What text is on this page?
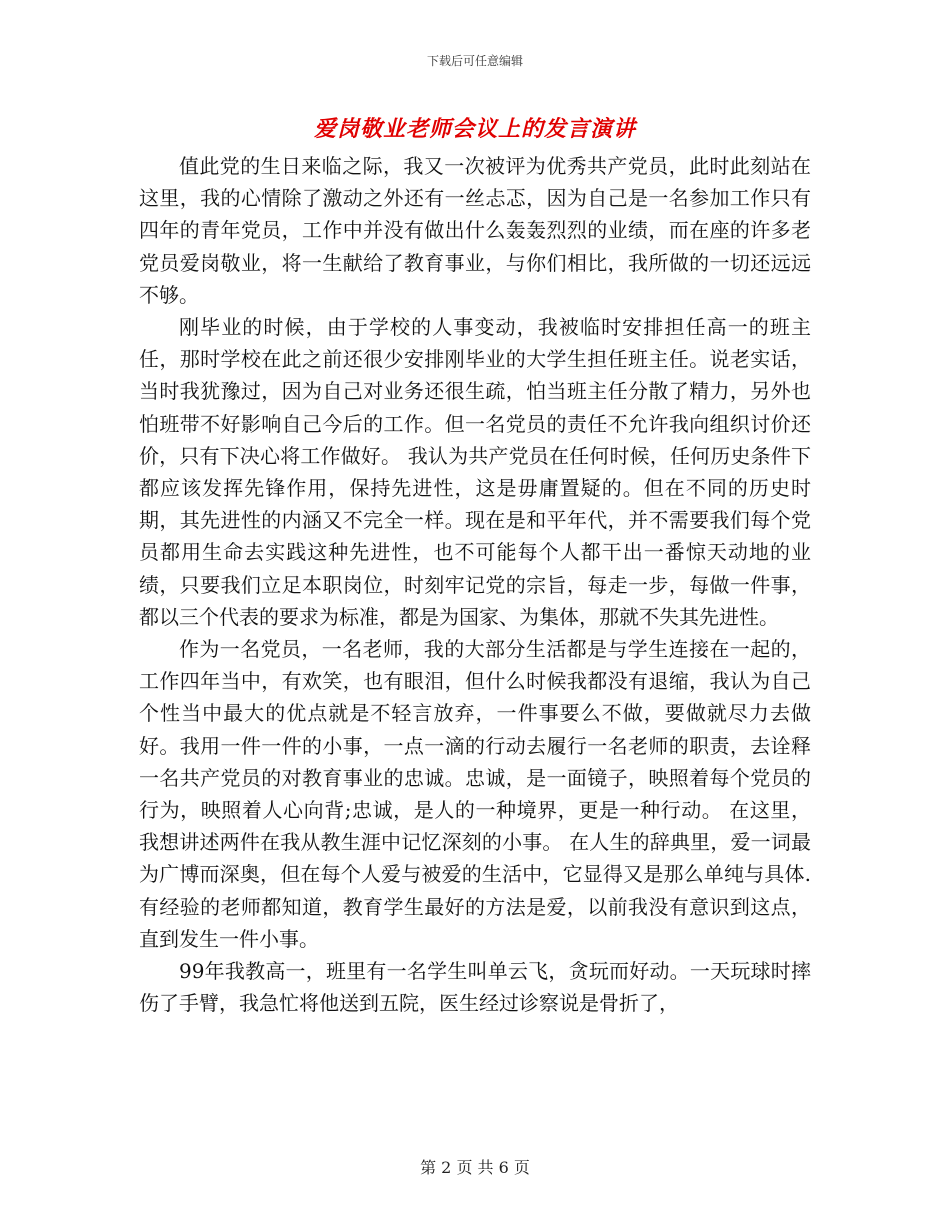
下载后可任意编辑
爱岗敬业老师会议上的发言演讲

值此党的生日来临之际，我又一次被评为优秀共产党员，此时此刻站在这里，我的心情除了激动之外还有一丝忐忑，因为自己是一名参加工作只有四年的青年党员，工作中并没有做出什么轰轰烈烈的业绩，而在座的许多老党员爱岗敬业，将一生献给了教育事业，与你们相比，我所做的一切还远远不够。

刚毕业的时候，由于学校的人事变动，我被临时安排担任高一的班主任，那时学校在此之前还很少安排刚毕业的大学生担任班主任。说老实话，当时我犹豫过，因为自己对业务还很生疏，怕当班主任分散了精力，另外也怕班带不好影响自己今后的工作。但一名党员的责任不允许我向组织讨价还价，只有下决心将工作做好。 我认为共产党员在任何时候，任何历史条件下都应该发挥先锋作用，保持先进性，这是毋庸置疑的。但在不同的历史时期，其先进性的内涵又不完全一样。现在是和平年代，并不需要我们每个党员都用生命去实践这种先进性，也不可能每个人都干出一番惊天动地的业绩，只要我们立足本职岗位，时刻牢记党的宗旨，每走一步，每做一件事，都以三个代表的要求为标准，都是为国家、为集体，那就不失其先进性。

作为一名党员，一名老师，我的大部分生活都是与学生连接在一起的，工作四年当中，有欢笑，也有眼泪，但什么时候我都没有退缩，我认为自己个性当中最大的优点就是不轻言放弃，一件事要么不做，要做就尽力去做好。我用一件一件的小事，一点一滴的行动去履行一名老师的职责，去诠释一名共产党员的对教育事业的忠诚。忠诚，是一面镜子，映照着每个党员的行为，映照着人心向背;忠诚，是人的一种境界，更是一种行动。 在这里，我想讲述两件在我从教生涯中记忆深刻的小事。 在人生的辞典里，爱一词最为广博而深奥，但在每个人爱与被爱的生活中，它显得又是那么单纯与具体.有经验的老师都知道，教育学生最好的方法是爱，以前我没有意识到这点，直到发生一件小事。

99年我教高一，班里有一名学生叫单云飞，贪玩而好动。一天玩球时摔伤了手臂，我急忙将他送到五院，医生经过诊察说是骨折了，

第 2 页 共 6 页
